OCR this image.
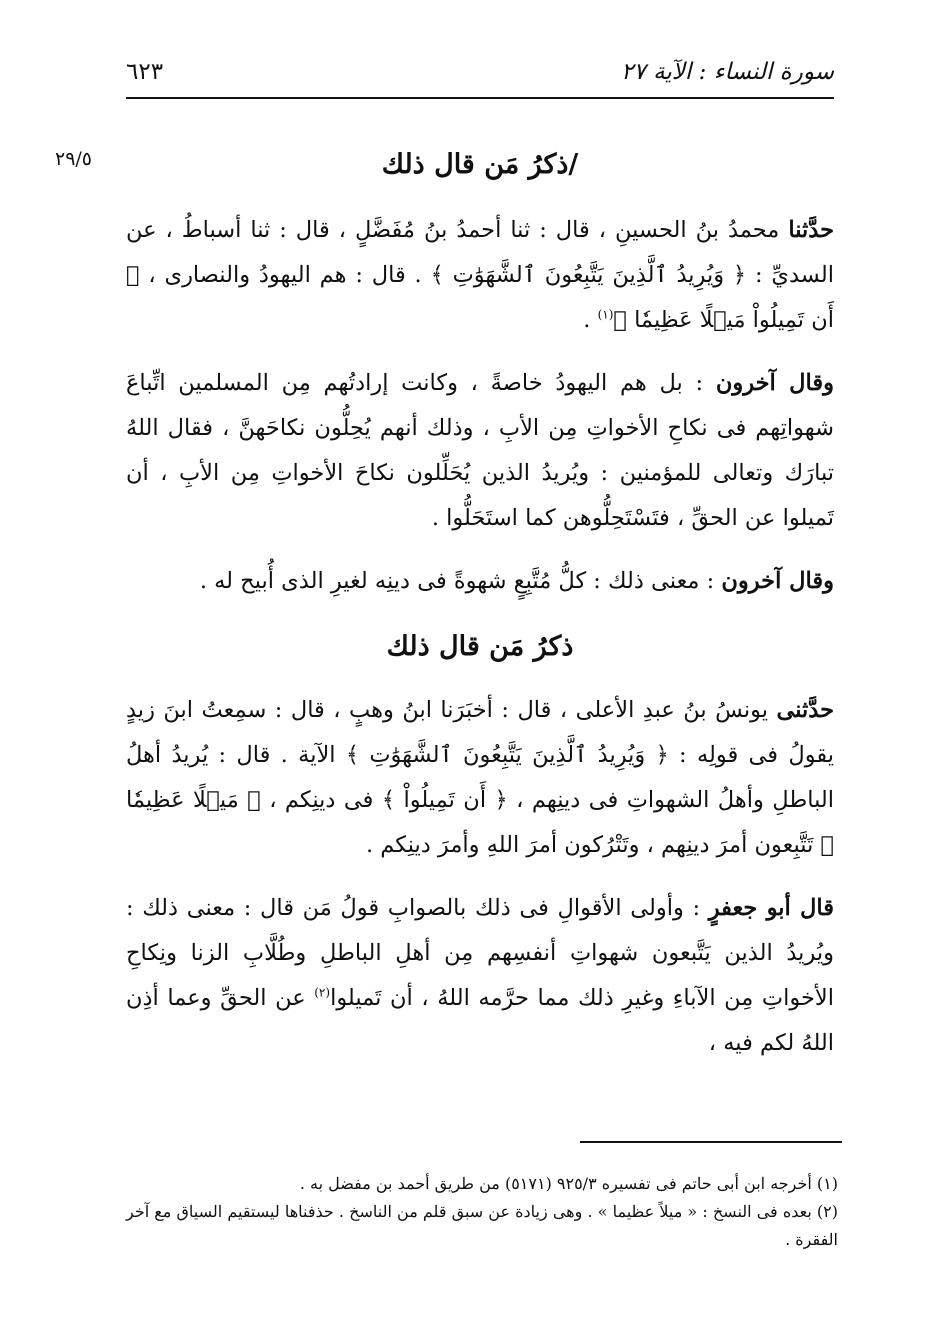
سورة النساء : الآية ٢٧
٦٢٣
٢٩/٥	/ذكرُ مَن قال ذلك

حدَّثنا محمدُ بنُ الحسينِ ، قال : ثنا أحمدُ بنُ مُفَضَّلٍ ، قال : ثنا أسباطُ ، عن السديِّ : ﴿ وَيُرِيدُ ٱلَّذِينَ يَتَّبِعُونَ ٱلشَّهَوَٰتِ ﴾ . قال : هم اليهودُ والنصارى ، ﴿ أَن تَمِيلُواْ مَيۡلًا عَظِيمٗا ﴾$^{(١)}$ .

وقال آخرون : بل هم اليهودُ خاصةً ، وكانت إرادتُهم مِن المسلمين اتِّباعَ شهواتِهم فى نكاحِ الأخواتِ مِن الأبِ ، وذلك أنهم يُحِلُّون نكاحَهنَّ ، فقال اللهُ تبارَك وتعالى للمؤمنين : ويُريدُ الذين يُحَلِّلون نكاحَ الأخواتِ مِن الأبِ ، أن تَميلوا عن الحقِّ ، فتَسْتَحِلُّوهن كما استَحَلُّوا .

وقال آخرون : معنى ذلك : كلُّ مُتَّبِعٍ شهوةً فى دينِه لغيرِ الذى أُبيح له .

ذكرُ مَن قال ذلك

حدَّثنى يونسُ بنُ عبدِ الأعلى ، قال : أخبَرَنا ابنُ وهبٍ ، قال : سمِعتُ ابنَ زيدٍ يقولُ فى قولِه : ﴿ وَيُرِيدُ ٱلَّذِينَ يَتَّبِعُونَ ٱلشَّهَوَٰتِ ﴾ الآية . قال : يُريدُ أهلُ الباطلِ وأهلُ الشهواتِ فى دينِهم ، ﴿ أَن تَمِيلُواْ ﴾ فى دينِكم ، ﴿ مَيۡلًا عَظِيمٗا ﴾ تَتَّبِعون أمرَ دينِهم ، وتَتْرُكون أمرَ اللهِ وأمرَ دينِكم .

قال أبو جعفرٍ : وأولى الأقوالِ فى ذلك بالصوابِ قولُ مَن قال : معنى ذلك : ويُريدُ الذين يَتَّبعون شهواتِ أنفسِهم مِن أهلِ الباطلِ وطُلَّابِ الزنا ونِكاحِ الأخواتِ مِن الآباءِ وغيرِ ذلك مما حرَّمه اللهُ ، أن تَميلوا$^{(٢)}$ عن الحقِّ وعما أذِن اللهُ لكم فيه ،

(١) أخرجه ابن أبى حاتم فى تفسيره ٩٢٥/٣ (٥١٧١) من طريق أحمد بن مفضل به .

(٢) بعده فى النسخ : « ميلاً عظيما » . وهى زيادة عن سبق قلم من الناسخ . حذفناها ليستقيم السياق مع آخر الفقرة .
